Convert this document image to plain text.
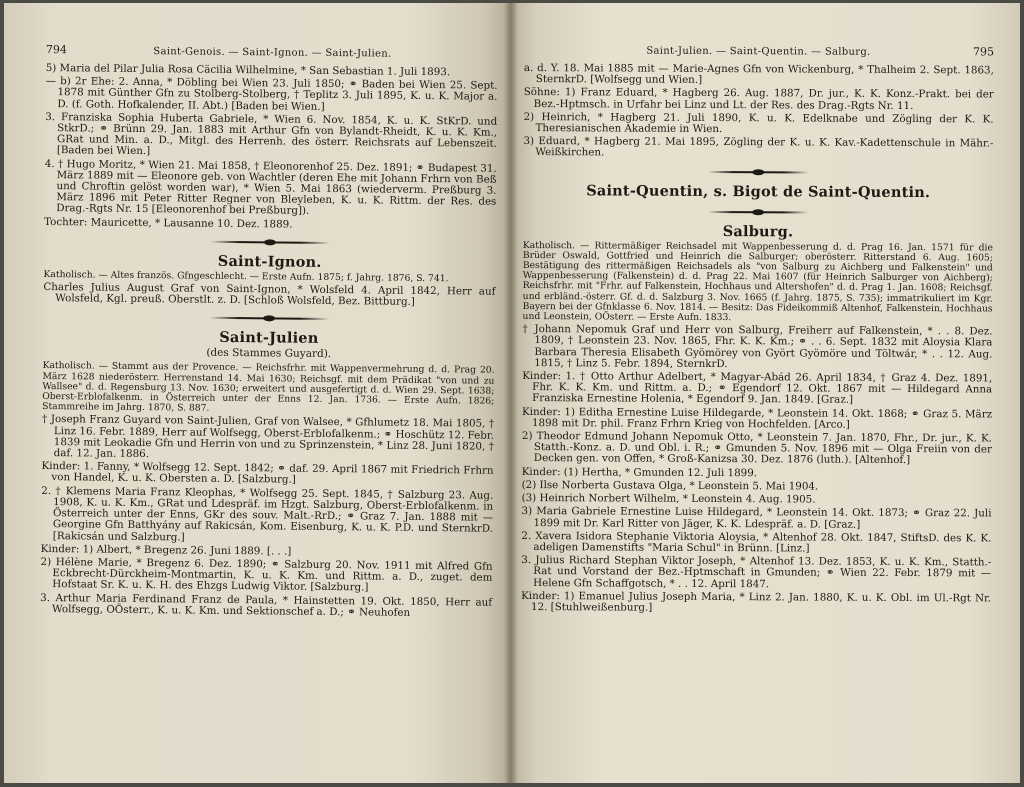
794	Saint-Genois. — Saint-Ignon. — Saint-Julien.

5) Maria del Pilar Julia Rosa Cäcilia Wilhelmine, * San Sebastian 1. Juli 1893.

— b) 2r Ehe: 2. Anna, * Döbling bei Wien 23. Juli 1850; ⚭ Baden bei Wien 25. Sept. 1878 mit Günther Gfn zu Stolberg-Stolberg, † Teplitz 3. Juli 1895, K. u. K. Major a. D. (f. Goth. Hofkalender, II. Abt.) [Baden bei Wien.]

3. Franziska Sophia Huberta Gabriele, * Wien 6. Nov. 1854, K. u. K. StKrD. und StkrD.; ⚭ Brünn 29. Jan. 1883 mit Arthur Gfn von Bylandt-Rheidt, K. u. K. Km., GRat und Min. a. D., Mitgl. des Herrenh. des österr. Reichsrats auf Lebenszeit. [Baden bei Wien.]

4. † Hugo Moritz, * Wien 21. Mai 1858, † Eleonorenhof 25. Dez. 1891; ⚭ Budapest 31. März 1889 mit — Eleonore geb. von Wachtler (deren Ehe mit Johann Frhrn von Beß und Chroftin gelöst worden war), * Wien 5. Mai 1863 (wiederverm. Preßburg 3. März 1896 mit Peter Ritter Regner von Bleyleben, K. u. K. Rittm. der Res. des Drag.-Rgts Nr. 15 [Eleonorenhof bei Preßburg]).

Tochter: Mauricette, * Lausanne 10. Dez. 1889.

Saint-Ignon.

Katholisch. — Altes französ. Gfngeschlecht. — Erste Aufn. 1875; f. Jahrg. 1876, S. 741.

Charles Julius August Graf von Saint-Ignon, * Wolsfeld 4. April 1842, Herr auf Wolsfeld, Kgl. preuß. Oberstlt. z. D. [Schloß Wolsfeld, Bez. Bittburg.]

Saint-Julien
(des Stammes Guyard).

Katholisch. — Stammt aus der Provence. — Reichsfrhr. mit Wappenvermehrung d. d. Prag 20. März 1628 niederösterr. Herrenstand 14. Mai 1630; Reichsgf. mit dem Prädikat "von und zu Wallsee" d. d. Regensburg 13. Nov. 1630; erweitert und ausgefertigt d. d. Wien 29. Sept. 1638; Oberst-Erblofalkenm. in Österreich unter der Enns 12. Jan. 1736. — Erste Aufn. 1826; Stammreihe im Jahrg. 1870, S. 887.

† Joseph Franz Guyard von Saint-Julien, Graf von Walsee, * Gfhlumetz 18. Mai 1805, † Linz 16. Febr. 1889, Herr auf Wolfsegg, Oberst-Erblofalkenm.; ⚭ Hoschütz 12. Febr. 1839 mit Leokadie Gfn und Herrin von und zu Sprinzenstein, * Linz 28. Juni 1820, † daf. 12. Jan. 1886.

Kinder: 1. Fanny, * Wolfsegg 12. Sept. 1842; ⚭ daf. 29. April 1867 mit Friedrich Frhrn von Handel, K. u. K. Obersten a. D. [Salzburg.]

2. † Klemens Maria Franz Kleophas, * Wolfsegg 25. Sept. 1845, † Salzburg 23. Aug. 1908, K. u. K. Km., GRat und Ldespräf. im Hzgt. Salzburg, Oberst-Erblofalkenm. in Österreich unter der Enns, GKr des souv. Malt.-RrD.; ⚭ Graz 7. Jan. 1888 mit — Georgine Gfn Batthyány auf Rakicsán, Kom. Eisenburg, K. u. K. P.D. und SternkrD. [Rakicsán und Salzburg.]

Kinder: 1) Albert, * Bregenz 26. Juni 1889. [. . .]

2) Hélène Marie, * Bregenz 6. Dez. 1890; ⚭ Salzburg 20. Nov. 1911 mit Alfred Gfn Eckbrecht-Dürckheim-Montmartin, K. u. K. Km. und Rittm. a. D., zuget. dem Hofstaat Sr. K. u. K. H. des Ehzgs Ludwig Viktor. [Salzburg.]

3. Arthur Maria Ferdinand Franz de Paula, * Hainstetten 19. Okt. 1850, Herr auf Wolfsegg, OÖsterr., K. u. K. Km. und Sektionschef a. D.; ⚭ Neuhofen

Saint-Julien. — Saint-Quentin. — Salburg.	795

a. d. Y. 18. Mai 1885 mit — Marie-Agnes Gfn von Wickenburg, * Thalheim 2. Sept. 1863, SternkrD. [Wolfsegg und Wien.]

Söhne: 1) Franz Eduard, * Hagberg 26. Aug. 1887, Dr. jur., K. K. Konz.-Prakt. bei der Bez.-Hptmsch. in Urfahr bei Linz und Lt. der Res. des Drag.-Rgts Nr. 11.

2) Heinrich, * Hagberg 21. Juli 1890, K. u. K. Edelknabe und Zögling der K. K. Theresianischen Akademie in Wien.

3) Eduard, * Hagberg 21. Mai 1895, Zögling der K. u. K. Kav.-Kadettenschule in Mähr.-Weißkirchen.

Saint-Quentin, s. Bigot de Saint-Quentin.
Salburg.

Katholisch. — Rittermäßiger Reichsadel mit Wappenbesserung d. d. Prag 16. Jan. 1571 für die Brüder Oswald, Gottfried und Heinrich die Salburger; oberösterr. Ritterstand 6. Aug. 1605; Bestätigung des rittermäßigen Reichsadels als "von Salburg zu Aichberg und Falkenstein" und Wappenbesserung (Falkenstein) d. d. Prag 22. Mai 1607 (für Heinrich Salburger von Aichberg); Reichsfrhr. mit "Frhr. auf Falkenstein, Hochhaus und Altershofen" d. d. Prag 1. Jan. 1608; Reichsgf. und erbländ.-österr. Gf. d. d. Salzburg 3. Nov. 1665 (f. Jahrg. 1875, S. 735); immatrikuliert im Kgr. Bayern bei der Gfnklasse 6. Nov. 1814. — Besitz: Das Fideikommiß Altenhof, Falkenstein, Hochhaus und Leonstein, OÖsterr. — Erste Aufn. 1833.

† Johann Nepomuk Graf und Herr von Salburg, Freiherr auf Falkenstein, * . . 8. Dez. 1809, † Leonstein 23. Nov. 1865, Fhr. K. K. Km.; ⚭ . . 6. Sept. 1832 mit Aloysia Klara Barbara Theresia Elisabeth Gyömörey von Györt Gyömöre und Töltwár, * . . 12. Aug. 1815, † Linz 5. Febr. 1894, SternkrD.

Kinder: 1. † Otto Arthur Adelbert, * Magyar-Abád 26. April 1834, † Graz 4. Dez. 1891, Fhr. K. K. Km. und Rittm. a. D.; ⚭ Egendorf 12. Okt. 1867 mit — Hildegard Anna Franziska Ernestine Holenia, * Egendorf 9. Jan. 1849. [Graz.]

Kinder: 1) Editha Ernestine Luise Hildegarde, * Leonstein 14. Okt. 1868; ⚭ Graz 5. März 1898 mit Dr. phil. Franz Frhrn Krieg von Hochfelden. [Arco.]

2) Theodor Edmund Johann Nepomuk Otto, * Leonstein 7. Jan. 1870, Fhr., Dr. jur., K. K. Statth.-Konz. a. D. und Obl. i. R.; ⚭ Gmunden 5. Nov. 1896 mit — Olga Freiin von der Decken gen. von Offen, * Groß-Kanizsa 30. Dez. 1876 (luth.). [Altenhof.]

Kinder: (1) Hertha, * Gmunden 12. Juli 1899.

(2) Ilse Norberta Gustava Olga, * Leonstein 5. Mai 1904.

(3) Heinrich Norbert Wilhelm, * Leonstein 4. Aug. 1905.

3) Maria Gabriele Ernestine Luise Hildegard, * Leonstein 14. Okt. 1873; ⚭ Graz 22. Juli 1899 mit Dr. Karl Ritter von Jäger, K. K. Ldespräf. a. D. [Graz.]

2. Xavera Isidora Stephanie Viktoria Aloysia, * Altenhof 28. Okt. 1847, StiftsD. des K. K. adeligen Damenstifts "Maria Schul" in Brünn. [Linz.]

3. Julius Richard Stephan Viktor Joseph, * Altenhof 13. Dez. 1853, K. u. K. Km., Statth.-Rat und Vorstand der Bez.-Hptmschaft in Gmunden; ⚭ Wien 22. Febr. 1879 mit — Helene Gfn Schaffgotsch, * . . 12. April 1847.

Kinder: 1) Emanuel Julius Joseph Maria, * Linz 2. Jan. 1880, K. u. K. Obl. im Ul.-Rgt Nr. 12. [Stuhlweißenburg.]
